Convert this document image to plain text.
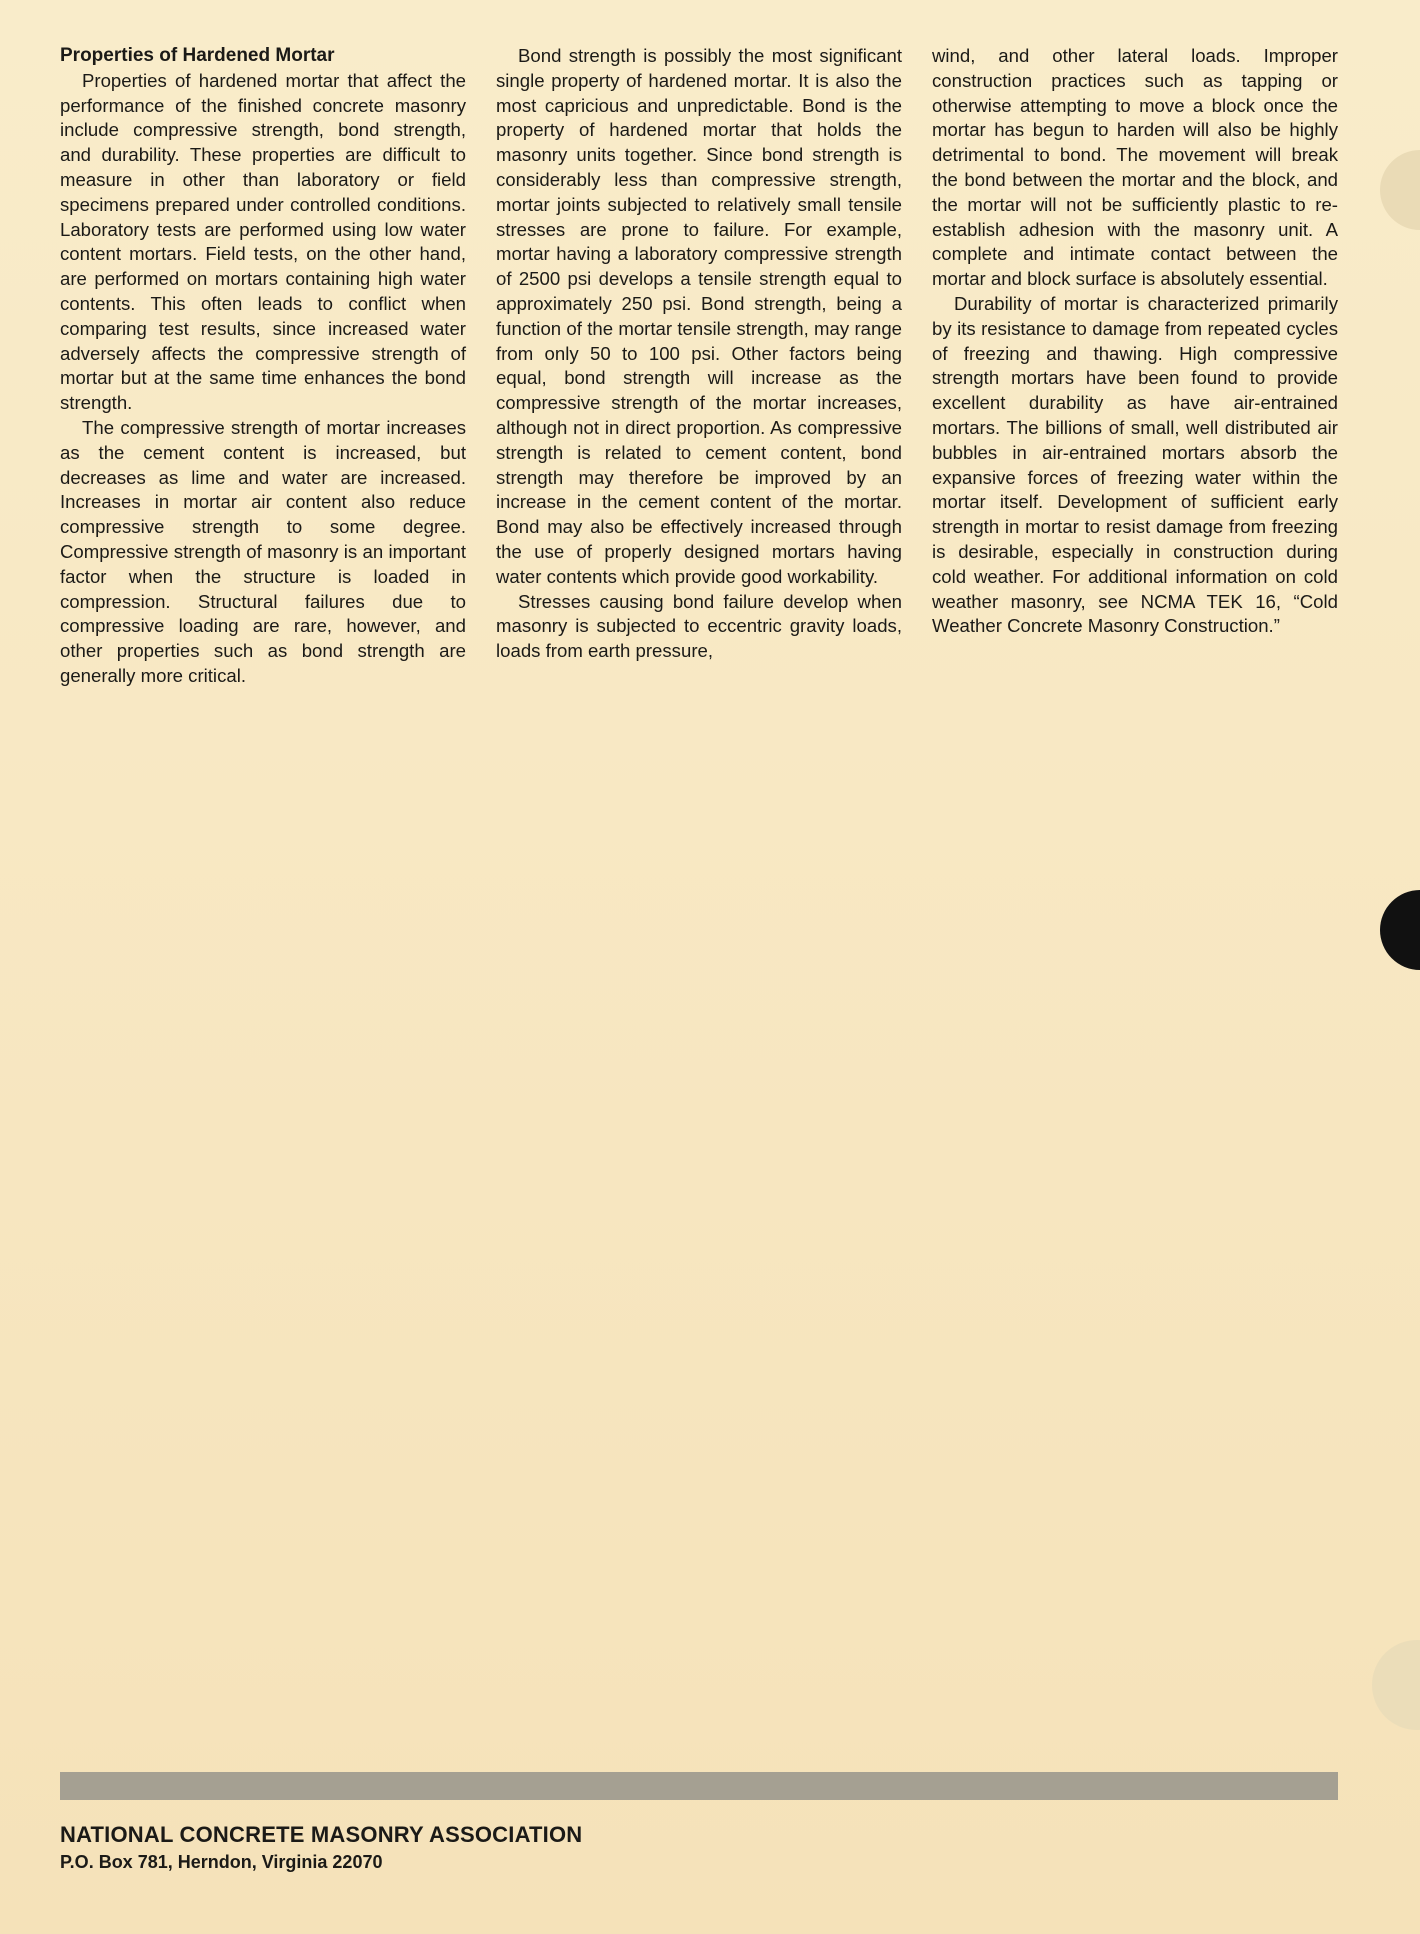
Properties of Hardened Mortar

Properties of hardened mortar that affect the performance of the finished concrete masonry include compressive strength, bond strength, and durability. These properties are difficult to measure in other than laboratory or field specimens prepared under controlled conditions. Laboratory tests are performed using low water content mortars. Field tests, on the other hand, are performed on mortars containing high water contents. This often leads to conflict when comparing test results, since increased water adversely affects the compressive strength of mortar but at the same time enhances the bond strength.

The compressive strength of mortar increases as the cement content is increased, but decreases as lime and water are increased. Increases in mortar air content also reduce compressive strength to some degree. Compressive strength of masonry is an important factor when the structure is loaded in compression. Structural failures due to compressive loading are rare, however, and other properties such as bond strength are generally more critical.

Bond strength is possibly the most significant single property of hardened mortar. It is also the most capricious and unpredictable. Bond is the property of hardened mortar that holds the masonry units together. Since bond strength is considerably less than compressive strength, mortar joints subjected to relatively small tensile stresses are prone to failure. For example, mortar having a laboratory compressive strength of 2500 psi develops a tensile strength equal to approximately 250 psi. Bond strength, being a function of the mortar tensile strength, may range from only 50 to 100 psi. Other factors being equal, bond strength will increase as the compressive strength of the mortar increases, although not in direct proportion. As compressive strength is related to cement content, bond strength may therefore be improved by an increase in the cement content of the mortar. Bond may also be effectively increased through the use of properly designed mortars having water contents which provide good workability.

Stresses causing bond failure develop when masonry is subjected to eccentric gravity loads, loads from earth pressure,

wind, and other lateral loads. Improper construction practices such as tapping or otherwise attempting to move a block once the mortar has begun to harden will also be highly detrimental to bond. The movement will break the bond between the mortar and the block, and the mortar will not be sufficiently plastic to re-establish adhesion with the masonry unit. A complete and intimate contact between the mortar and block surface is absolutely essential.

Durability of mortar is characterized primarily by its resistance to damage from repeated cycles of freezing and thawing. High compressive strength mortars have been found to provide excellent durability as have air-entrained mortars. The billions of small, well distributed air bubbles in air-entrained mortars absorb the expansive forces of freezing water within the mortar itself. Development of sufficient early strength in mortar to resist damage from freezing is desirable, especially in construction during cold weather. For additional information on cold weather masonry, see NCMA TEK 16, “Cold Weather Concrete Masonry Construction.”

NATIONAL CONCRETE MASONRY ASSOCIATION
P.O. Box 781, Herndon, Virginia 22070
